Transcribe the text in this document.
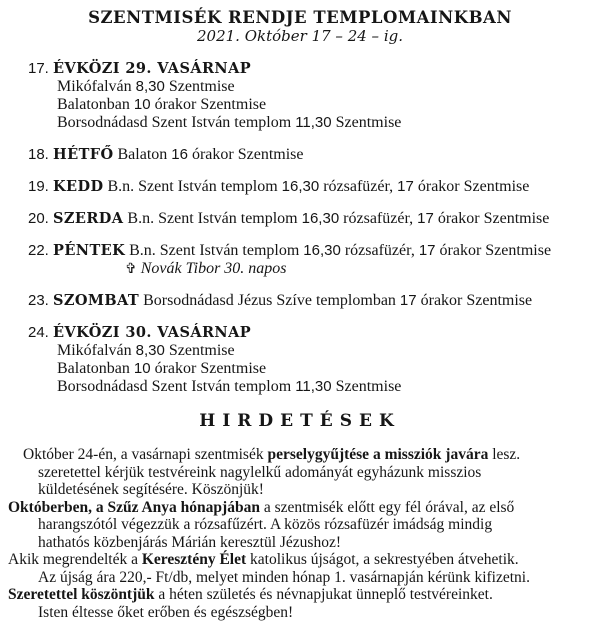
SZENTMISÉK RENDJE TEMPLOMAINKBAN
2021. Október 17 – 24 – ig.
17. ÉVKÖZI 29. VASÁRNAP
Mikófalván 8,30 Szentmise
Balatonban 10 órakor Szentmise
Borsodnádasd Szent István templom 11,30 Szentmise
18. HÉTFŐ Balaton 16 órakor Szentmise
19. KEDD B.n. Szent István templom 16,30 rózsafüzér, 17 órakor Szentmise
20. SZERDA B.n. Szent István templom 16,30 rózsafüzér, 17 órakor Szentmise
22. PÉNTEK B.n. Szent István templom 16,30 rózsafüzér, 17 órakor Szentmise
✞ Novák Tibor 30. napos
23. SZOMBAT Borsodnádasd Jézus Szíve templomban 17 órakor Szentmise
24. ÉVKÖZI 30. VASÁRNAP
Mikófalván 8,30 Szentmise
Balatonban 10 órakor Szentmise
Borsodnádasd Szent István templom 11,30 Szentmise
HIRDETÉSEK
Október 24-én, a vasárnapi szentmisék perselygyűjtése a missziók javára lesz.
szeretettel kérjük testvéreink nagylelkű adományát egyházunk misszios
küldetésének segítésére. Köszönjük!
Októberben, a Szűz Anya hónapjában a szentmisék előtt egy fél órával, az első
harangszótól végezzük a rózsafűzért. A közös rózsafüzér imádság mindig
hathatós közbenjárás Márián keresztül Jézushoz!
Akik megrendelték a Keresztény Élet katolikus újságot, a sekrestyében átvehetik.
Az újság ára 220,- Ft/db, melyet minden hónap 1. vasárnapján kérünk kifizetni.
Szeretettel köszöntjük a héten születés és névnapjukat ünneplő testvéreinket.
Isten éltesse őket erőben és egészségben!
